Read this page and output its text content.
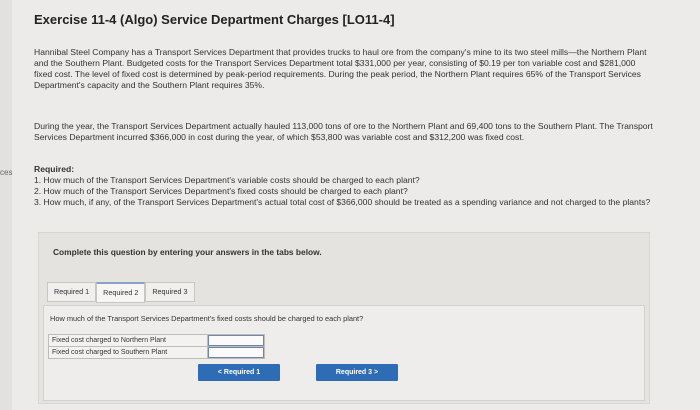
ces
Exercise 11-4 (Algo) Service Department Charges [LO11-4]

Hannibal Steel Company has a Transport Services Department that provides trucks to haul ore from the company's mine to its two steel mills—the Northern Plant and the Southern Plant. Budgeted costs for the Transport Services Department total $331,000 per year, consisting of $0.19 per ton variable cost and $281,000 fixed cost. The level of fixed cost is determined by peak-period requirements. During the peak period, the Northern Plant requires 65% of the Transport Services Department's capacity and the Southern Plant requires 35%.

During the year, the Transport Services Department actually hauled 113,000 tons of ore to the Northern Plant and 69,400 tons to the Southern Plant. The Transport Services Department incurred $366,000 in cost during the year, of which $53,800 was variable cost and $312,200 was fixed cost.

Required:

1. How much of the Transport Services Department's variable costs should be charged to each plant?

2. How much of the Transport Services Department's fixed costs should be charged to each plant?

3. How much, if any, of the Transport Services Department's actual total cost of $366,000 should be treated as a spending variance and not charged to the plants?

Complete this question by entering your answers in the tabs below.
Required 1	Required 2	Required 3
How much of the Transport Services Department's fixed costs should be charged to each plant?
Fixed cost charged to Northern Plant	

Fixed cost charged to Southern Plant	
< Required 1	Required 3 >
